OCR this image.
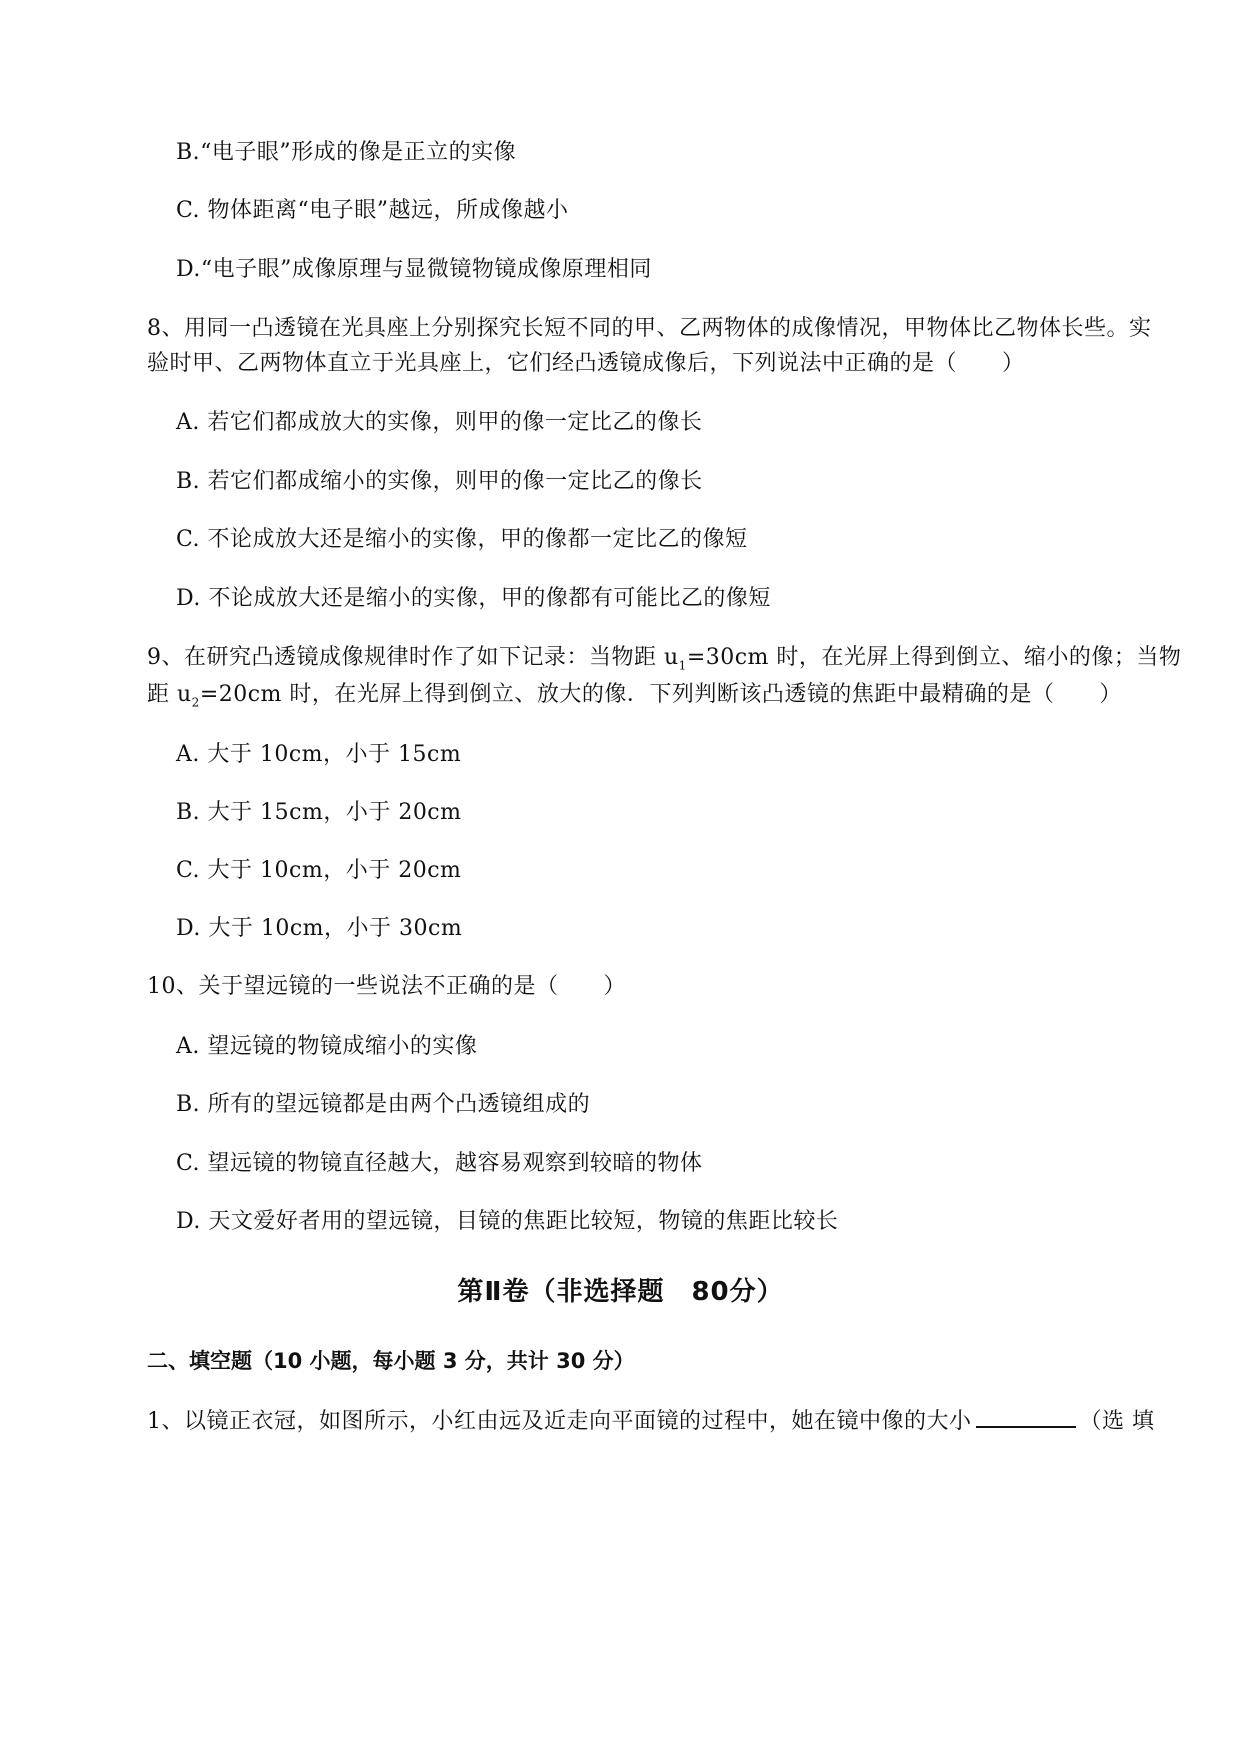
B.“电子眼”形成的像是正立的实像
C. 物体距离“电子眼”越远，所成像越小
D.“电子眼”成像原理与显微镜物镜成像原理相同
8、用同一凸透镜在光具座上分别探究长短不同的甲、乙两物体的成像情况，甲物体比乙物体长些。实
验时甲、乙两物体直立于光具座上，它们经凸透镜成像后，下列说法中正确的是（　　）
A. 若它们都成放大的实像，则甲的像一定比乙的像长
B. 若它们都成缩小的实像，则甲的像一定比乙的像长
C. 不论成放大还是缩小的实像，甲的像都一定比乙的像短
D. 不论成放大还是缩小的实像，甲的像都有可能比乙的像短
9、在研究凸透镜成像规律时作了如下记录：当物距 $u_1=30cm$ 时，在光屏上得到倒立、缩小的像；当物
距 $u_2=20cm$ 时，在光屏上得到倒立、放大的像．下列判断该凸透镜的焦距中最精确的是（　　）
A. 大于 10cm，小于 15cm
B. 大于 15cm，小于 20cm
C. 大于 10cm，小于 20cm
D. 大于 10cm，小于 30cm
10、关于望远镜的一些说法不正确的是（　　）
A. 望远镜的物镜成缩小的实像
B. 所有的望远镜都是由两个凸透镜组成的
C. 望远镜的物镜直径越大，越容易观察到较暗的物体
D. 天文爱好者用的望远镜，目镜的焦距比较短，物镜的焦距比较长
第Ⅱ卷（非选择题　80分）
二、填空题（10 小题，每小题 3 分，共计 30 分）
1、以镜正衣冠，如图所示，小红由远及近走向平面镜的过程中，她在镜中像的大小	（选 填
